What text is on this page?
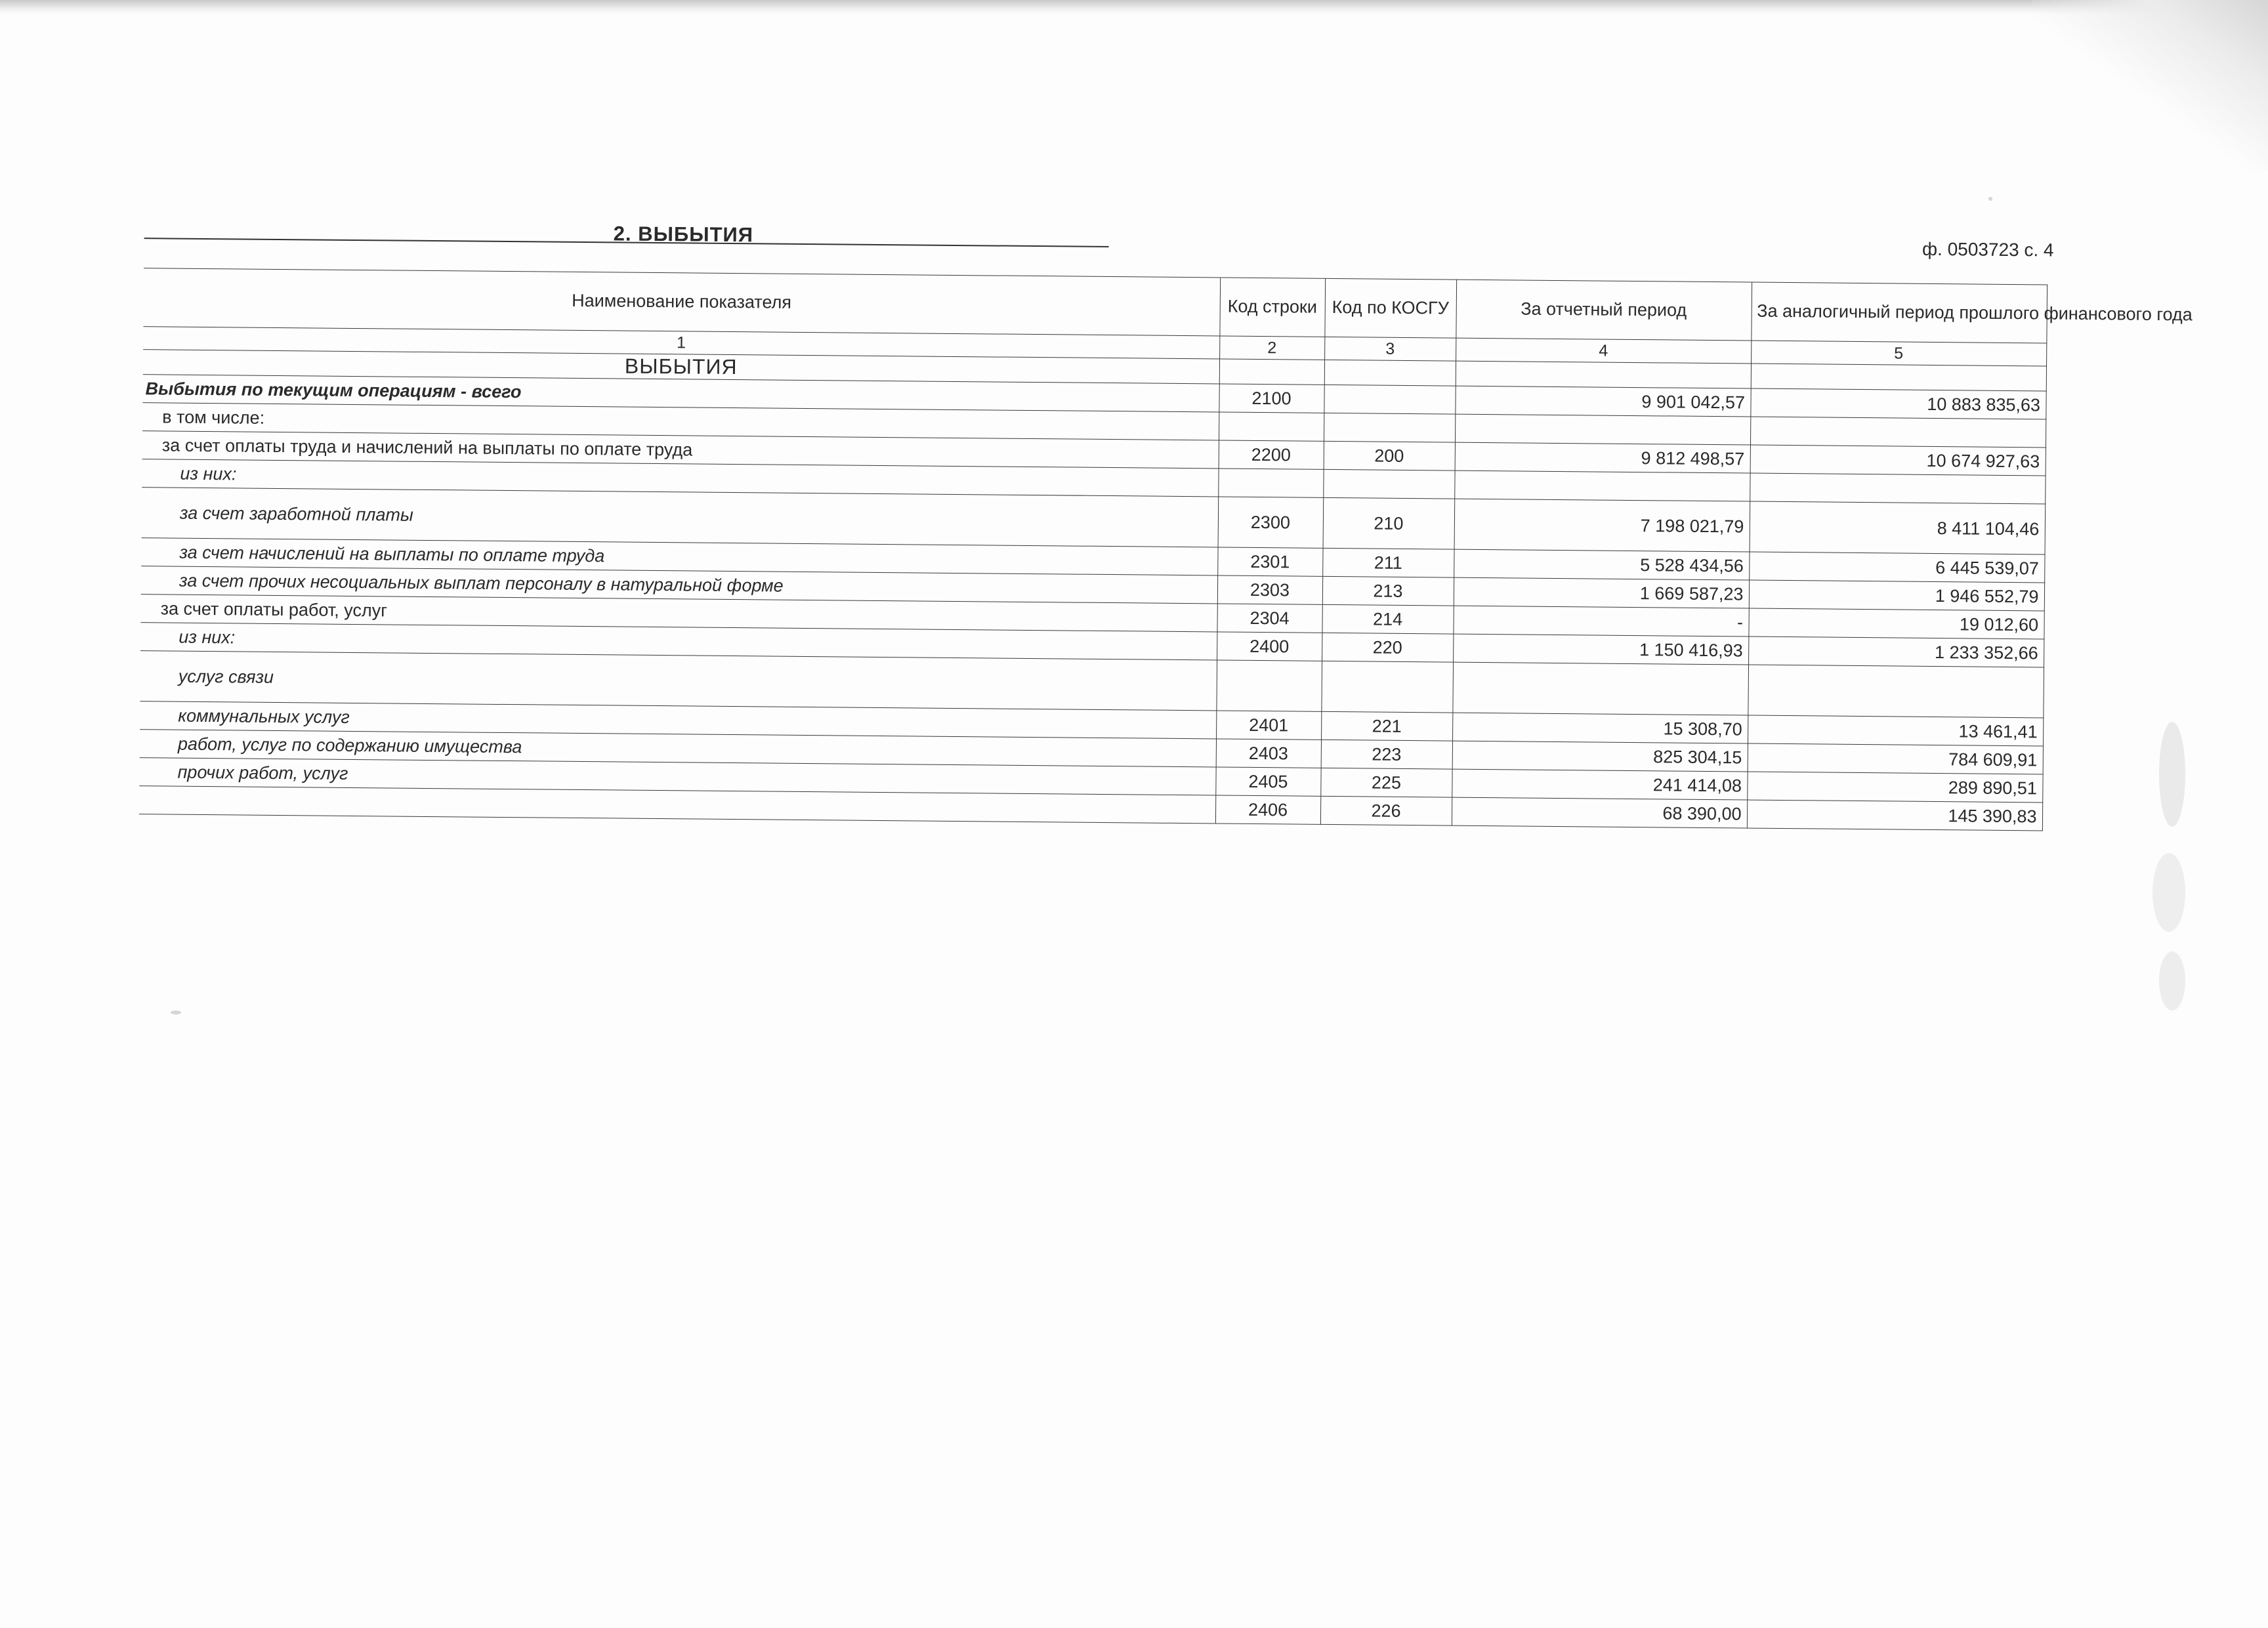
2. ВЫБЫТИЯ
ф. 0503723 с. 4
Наименование показателя	Код строки	Код по КОСГУ	За отчетный период	За аналогичный период прошлого финансового года
1	2	3	4	5
ВЫБЫТИЯ				
Выбытия по текущим операциям - всего	2100		9 901 042,57	10 883 835,63
в том числе:				
за счет оплаты труда и начислений на выплаты по оплате труда	2200	200	9 812 498,57	10 674 927,63
из них:				
за счет заработной платы	2300	210	7 198 021,79	8 411 104,46
за счет начислений на выплаты по оплате труда	2301	211	5 528 434,56	6 445 539,07
за счет прочих несоциальных выплат персоналу в натуральной форме	2303	213	1 669 587,23	1 946 552,79
за счет оплаты работ, услуг	2304	214	-	19 012,60
из них:	2400	220	1 150 416,93	1 233 352,66
услуг связи				
коммунальных услуг	2401	221	15 308,70	13 461,41
работ, услуг по содержанию имущества	2403	223	825 304,15	784 609,91
прочих работ, услуг	2405	225	241 414,08	289 890,51
	2406	226	68 390,00	145 390,83
